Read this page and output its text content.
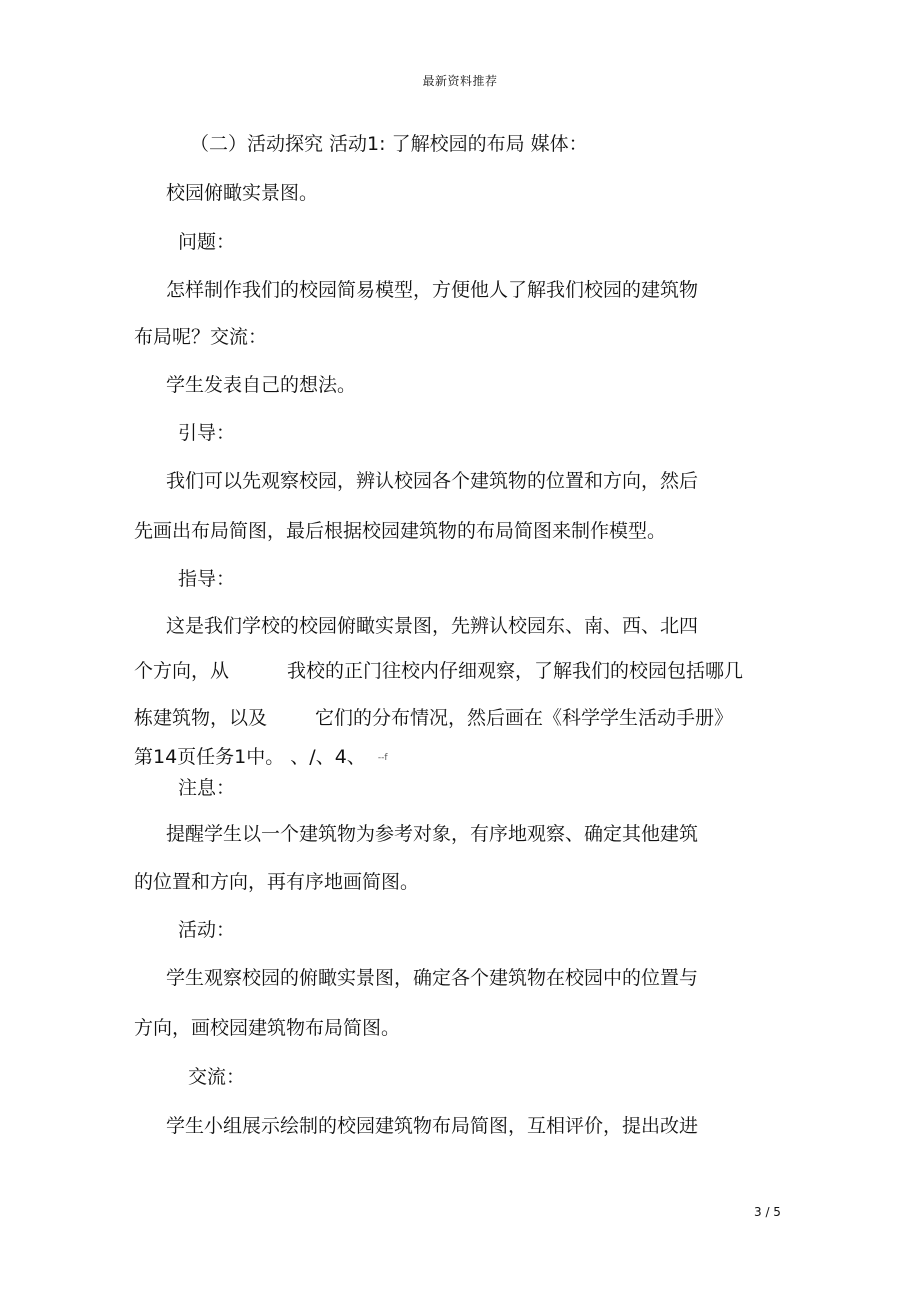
最新资料推荐
（二）活动探究 活动1: 了解校园的布局 媒体：
校园俯瞰实景图。
问题：
怎样制作我们的校园简易模型，方便他人了解我们校园的建筑物
布局呢？交流：
学生发表自己的想法。
引导：
我们可以先观察校园，辨认校园各个建筑物的位置和方向，然后
先画出布局简图，最后根据校园建筑物的布局简图来制作模型。
指导：
这是我们学校的校园俯瞰实景图，先辨认校园东、南、西、北四
个方向，从	我校的正门往校内仔细观察，了解我们的校园包括哪几
栋建筑物，以及	它们的分布情况，然后画在《科学学生活动手册》
第14页任务1中。 、/、4、 --f
注息：
提醒学生以一个建筑物为参考对象，有序地观察、确定其他建筑
的位置和方向，再有序地画简图。
活动：
学生观察校园的俯瞰实景图，确定各个建筑物在校园中的位置与
方向，画校园建筑物布局简图。
交流：
学生小组展示绘制的校园建筑物布局简图，互相评价，提出改进
3 / 5
